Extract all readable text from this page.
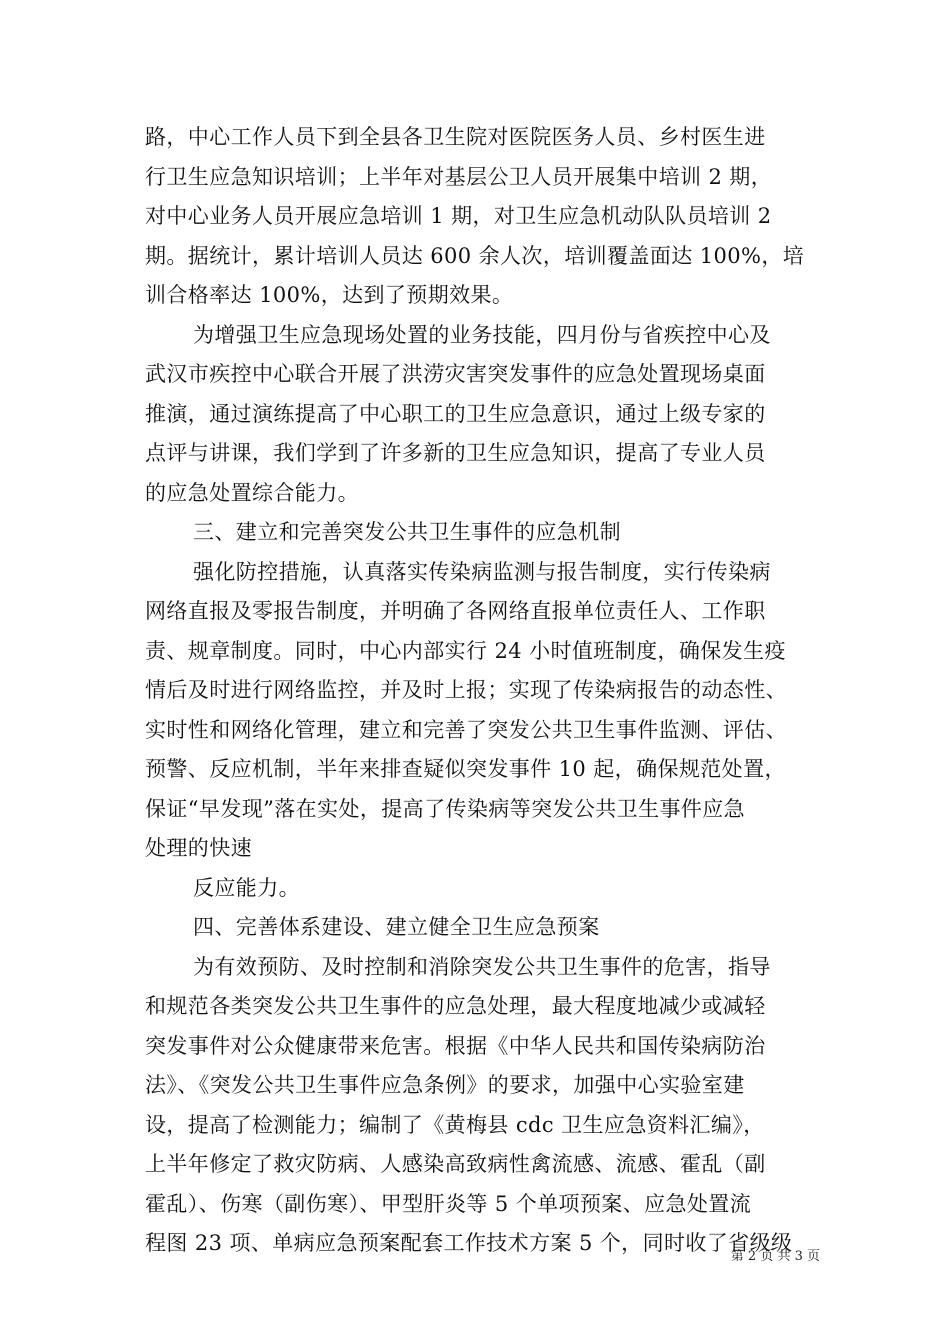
路，中心工作人员下到全县各卫生院对医院医务人员、乡村医生进
行卫生应急知识培训；上半年对基层公卫人员开展集中培训 2 期，
对中心业务人员开展应急培训 1 期，对卫生应急机动队队员培训 2
期。据统计，累计培训人员达 600 余人次，培训覆盖面达 100%，培
训合格率达 100%，达到了预期效果。
为增强卫生应急现场处置的业务技能，四月份与省疾控中心及
武汉市疾控中心联合开展了洪涝灾害突发事件的应急处置现场桌面
推演，通过演练提高了中心职工的卫生应急意识，通过上级专家的
点评与讲课，我们学到了许多新的卫生应急知识，提高了专业人员
的应急处置综合能力。
三、建立和完善突发公共卫生事件的应急机制
强化防控措施，认真落实传染病监测与报告制度，实行传染病
网络直报及零报告制度，并明确了各网络直报单位责任人、工作职
责、规章制度。同时，中心内部实行 24 小时值班制度，确保发生疫
情后及时进行网络监控，并及时上报；实现了传染病报告的动态性、
实时性和网络化管理，建立和完善了突发公共卫生事件监测、评估、
预警、反应机制，半年来排查疑似突发事件 10 起，确保规范处置，
保证“早发现”落在实处，提高了传染病等突发公共卫生事件应急
处理的快速
反应能力。
四、完善体系建设、建立健全卫生应急预案
为有效预防、及时控制和消除突发公共卫生事件的危害，指导
和规范各类突发公共卫生事件的应急处理，最大程度地减少或减轻
突发事件对公众健康带来危害。根据《中华人民共和国传染病防治
法》、《突发公共卫生事件应急条例》的要求，加强中心实验室建
设，提高了检测能力；编制了《黄梅县 cdc 卫生应急资料汇编》，
上半年修定了救灾防病、人感染高致病性禽流感、流感、霍乱（副
霍乱）、伤寒（副伤寒）、甲型肝炎等 5 个单项预案、应急处置流
程图 23 项、单病应急预案配套工作技术方案 5 个，同时收了省级级
第 2 页 共 3 页
